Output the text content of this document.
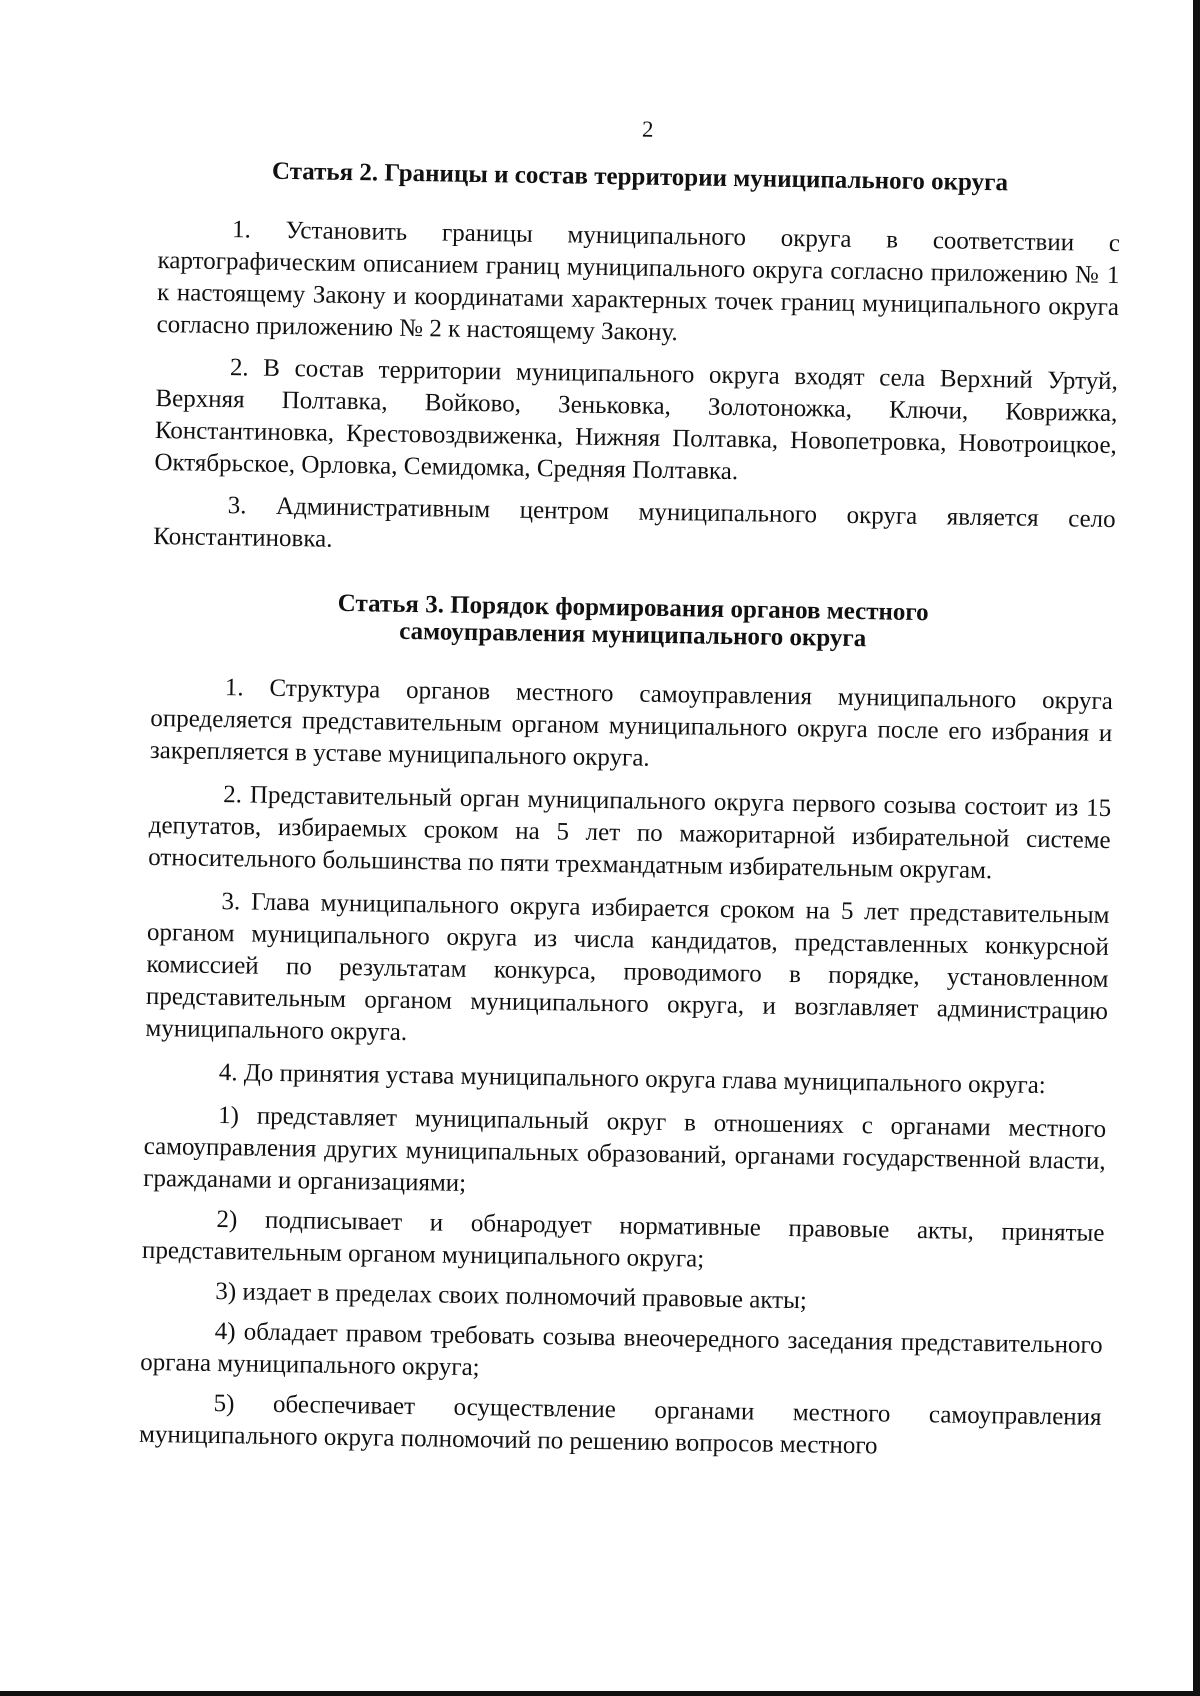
2
Статья 2. Границы и состав территории муниципального округа

1. Установить границы муниципального округа в соответствии с картографическим описанием границ муниципального округа согласно приложению № 1 к настоящему Закону и координатами характерных точек границ муниципального округа согласно приложению № 2 к настоящему Закону.

2. В состав территории муниципального округа входят села Верхний Уртуй, Верхняя Полтавка, Войково, Зеньковка, Золотоножка, Ключи, Коврижка, Константиновка, Крестовоздвиженка, Нижняя Полтавка, Новопетровка, Новотроицкое, Октябрьское, Орловка, Семидомка, Средняя Полтавка.

3. Административным центром муниципального округа является село Константиновка.

Статья 3. Порядок формирования органов местного
самоуправления муниципального округа

1. Структура органов местного самоуправления муниципального округа определяется представительным органом муниципального округа после его избрания и закрепляется в уставе муниципального округа.

2. Представительный орган муниципального округа первого созыва состоит из 15 депутатов, избираемых сроком на 5 лет по мажоритарной избирательной системе относительного большинства по пяти трехмандатным избирательным округам.

3. Глава муниципального округа избирается сроком на 5 лет представительным органом муниципального округа из числа кандидатов, представленных конкурсной комиссией по результатам конкурса, проводимого в порядке, установленном представительным органом муниципального округа, и возглавляет администрацию муниципального округа.

4. До принятия устава муниципального округа глава муниципального округа:

1) представляет муниципальный округ в отношениях с органами местного самоуправления других муниципальных образований, органами государственной власти, гражданами и организациями;

2) подписывает и обнародует нормативные правовые акты, принятые представительным органом муниципального округа;

3) издает в пределах своих полномочий правовые акты;

4) обладает правом требовать созыва внеочередного заседания представительного органа муниципального округа;

5) обеспечивает осуществление органами местного самоуправления муниципального округа полномочий по решению вопросов местного
